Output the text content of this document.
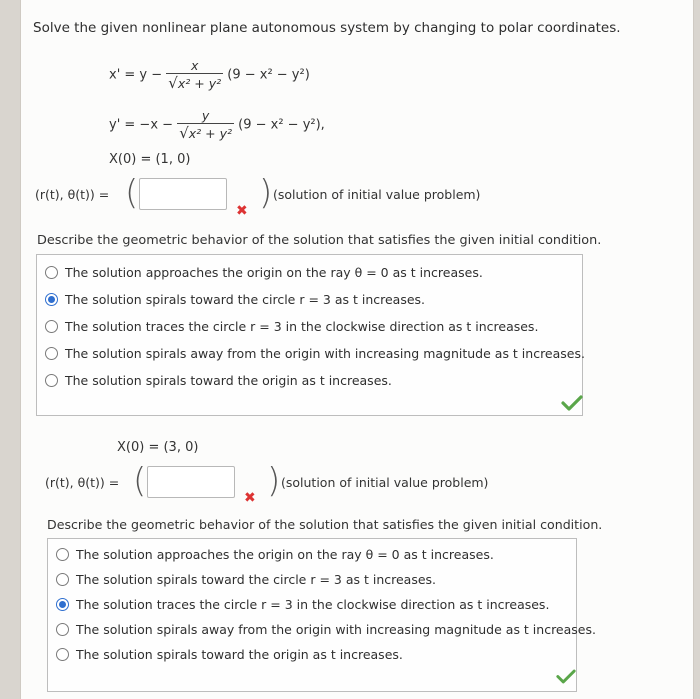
Solve the given nonlinear plane autonomous system by changing to polar coordinates.
$x' = y - \frac{x}{\text{√x² + y²}} (9 - x^2 - y^2)$
$y' = -x - \frac{y}{\text{√x² + y²}} (9 - x^2 - y^2)$,
X(0) = (1, 0)
(r(t), θ(t)) = (	✖ ) (solution of initial value problem)
Describe the geometric behavior of the solution that satisfies the given initial condition.
The solution approaches the origin on the ray θ = 0 as t increases.
The solution spirals toward the circle r = 3 as t increases.
The solution traces the circle r = 3 in the clockwise direction as t increases.
The solution spirals away from the origin with increasing magnitude as t increases.
The solution spirals toward the origin as t increases.
X(0) = (3, 0)
(r(t), θ(t)) = (	✖ ) (solution of initial value problem)
Describe the geometric behavior of the solution that satisfies the given initial condition.
The solution approaches the origin on the ray θ = 0 as t increases.
The solution spirals toward the circle r = 3 as t increases.
The solution traces the circle r = 3 in the clockwise direction as t increases.
The solution spirals away from the origin with increasing magnitude as t increases.
The solution spirals toward the origin as t increases.
